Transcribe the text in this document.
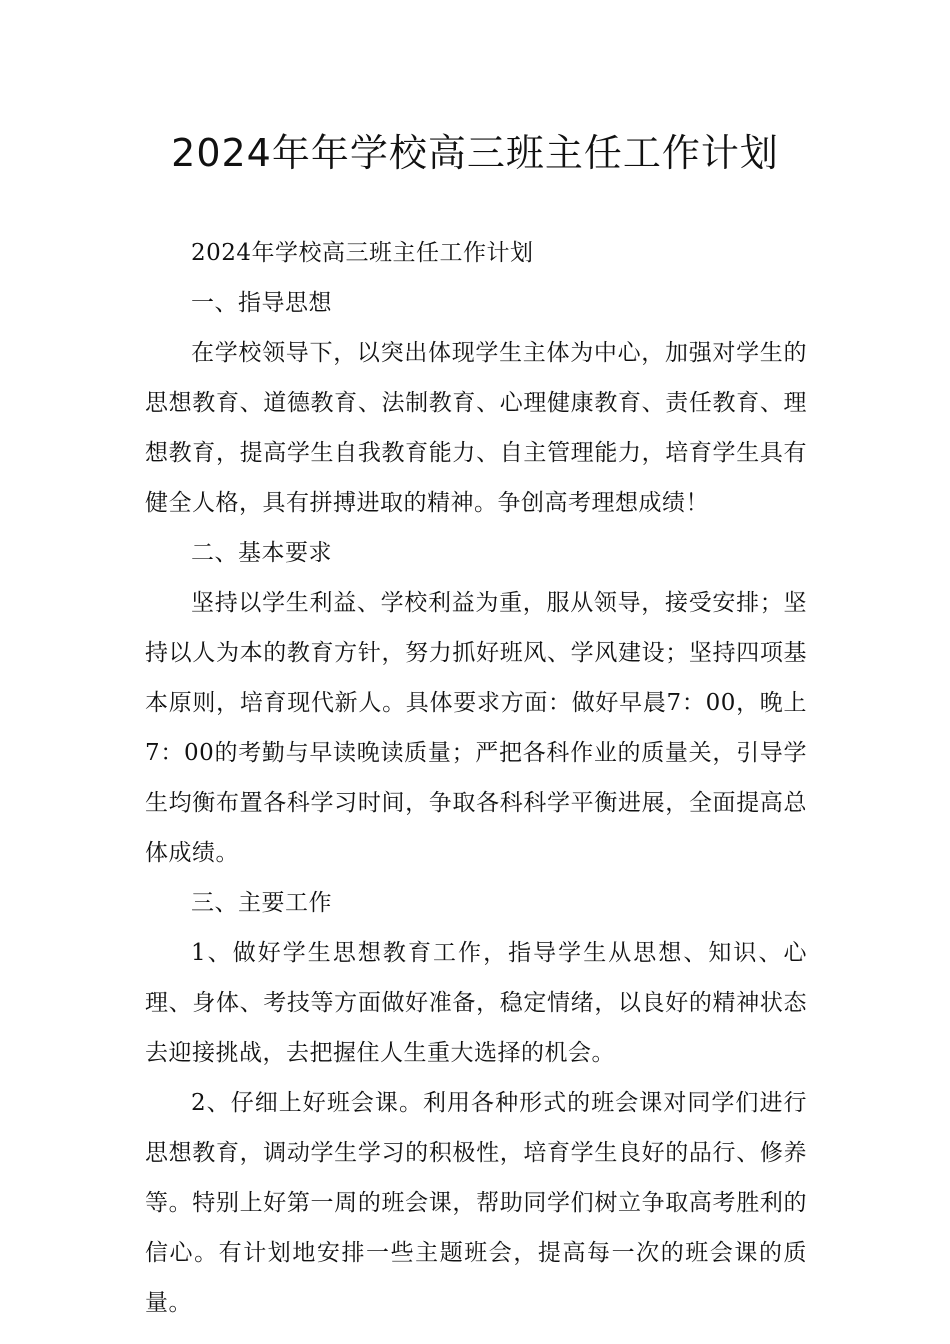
2024年年学校高三班主任工作计划

2024年学校高三班主任工作计划

一、指导思想

在学校领导下，以突出体现学生主体为中心，加强对学生的思想教育、道德教育、法制教育、心理健康教育、责任教育、理想教育，提高学生自我教育能力、自主管理能力，培育学生具有健全人格，具有拼搏进取的精神。争创高考理想成绩！

二、基本要求

坚持以学生利益、学校利益为重，服从领导，接受安排；坚持以人为本的教育方针，努力抓好班风、学风建设；坚持四项基本原则，培育现代新人。具体要求方面：做好早晨7：00，晚上7：00的考勤与早读晚读质量；严把各科作业的质量关，引导学生均衡布置各科学习时间，争取各科科学平衡进展，全面提高总体成绩。

三、主要工作

1、做好学生思想教育工作，指导学生从思想、知识、心理、身体、考技等方面做好准备，稳定情绪，以良好的精神状态去迎接挑战，去把握住人生重大选择的机会。

2、仔细上好班会课。利用各种形式的班会课对同学们进行思想教育，调动学生学习的积极性，培育学生良好的品行、修养等。特别上好第一周的班会课，帮助同学们树立争取高考胜利的信心。有计划地安排一些主题班会，提高每一次的班会课的质量。
